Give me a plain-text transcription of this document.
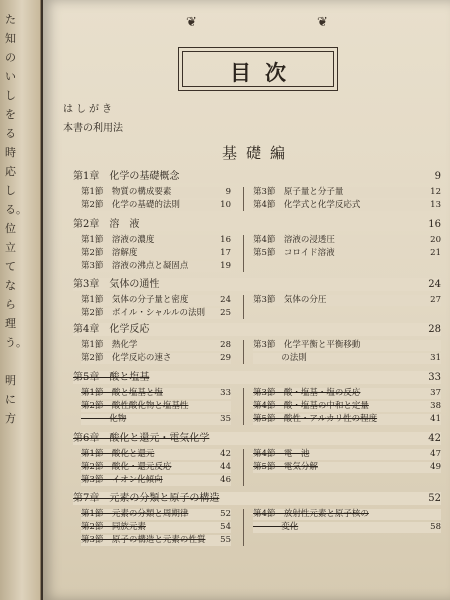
た
知
の
い
し
を
る
時
応
し
る。
位
立
て
な
ら
理
う。
明
に
方
目次
❦	❦
はしがき
本書の利用法
基礎編
第1章　化学の基礎概念	9
第1節　物質の構成要素	9
第2節　化学の基礎的法則	10
第3節　原子量と分子量	12
第4節　化学式と化学反応式	13
第2章　溶　液	16
第1節　溶液の濃度	16
第2節　溶解度	17
第3節　溶液の沸点と凝固点	19
第4節　溶液の浸透圧	20
第5節　コロイド溶液	21
第3章　気体の通性	24
第1節　気体の分子量と密度	24
第2節　ボイル・シャルルの法則	25
第3節　気体の分圧	27
第4章　化学反応	28
第1節　熱化学	28
第2節　化学反応の速さ	29
第3節　化学平衡と平衡移動
　　　 の法則	31
第5章　酸と塩基	33
第1節　酸と塩基と塩	33
第2節　酸性酸化物と塩基性
　　　 化物	35
第3節　酸・塩基・塩の反応	37
第4節　酸・塩基の中和と定量	38
第5節　酸性・アルカリ性の程度	41
第6章　酸化と還元・電気化学	42
第1節　酸化と還元	42
第2節　酸化・還元反応	44
第3節　イオン化傾向	46
第4節　電　池	47
第5節　電気分解	49
第7章　元素の分類と原子の構造	52
第1節　元素の分類と周期律	52
第2節　同族元素	54
第3節　原子の構造と元素の性質	55
第4節　放射性元素と原子核の
　　　 変化	58
